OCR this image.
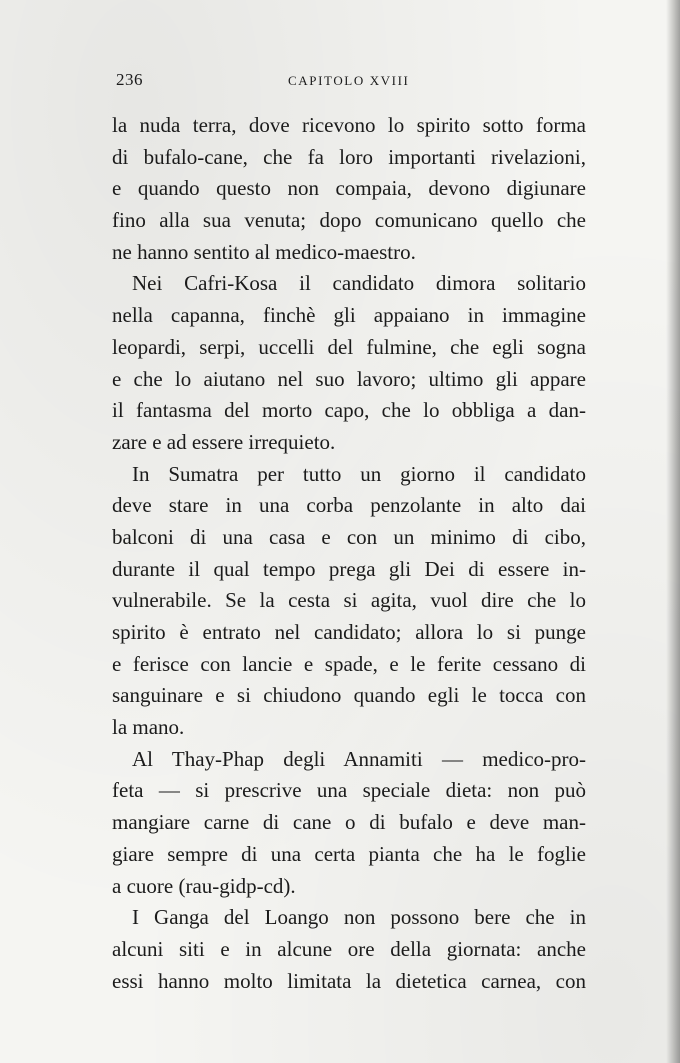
236	CAPITOLO XVIII
la nuda terra, dove ricevono lo spirito sotto forma
di bufalo-cane, che fa loro importanti rivelazioni,
e quando questo non compaia, devono digiunare
fino alla sua venuta; dopo comunicano quello che
ne hanno sentito al medico-maestro.
Nei Cafri-Kosa il candidato dimora solitario
nella capanna, finchè gli appaiano in immagine
leopardi, serpi, uccelli del fulmine, che egli sogna
e che lo aiutano nel suo lavoro; ultimo gli appare
il fantasma del morto capo, che lo obbliga a dan-
zare e ad essere irrequieto.
In Sumatra per tutto un giorno il candidato
deve stare in una corba penzolante in alto dai
balconi di una casa e con un minimo di cibo,
durante il qual tempo prega gli Dei di essere in-
vulnerabile. Se la cesta si agita, vuol dire che lo
spirito è entrato nel candidato; allora lo si punge
e ferisce con lancie e spade, e le ferite cessano di
sanguinare e si chiudono quando egli le tocca con
la mano.
Al Thay-Phap degli Annamiti — medico-pro-
feta — si prescrive una speciale dieta: non può
mangiare carne di cane o di bufalo e deve man-
giare sempre di una certa pianta che ha le foglie
a cuore (rau-gidp-cd).
I Ganga del Loango non possono bere che in
alcuni siti e in alcune ore della giornata: anche
essi hanno molto limitata la dietetica carnea, con
